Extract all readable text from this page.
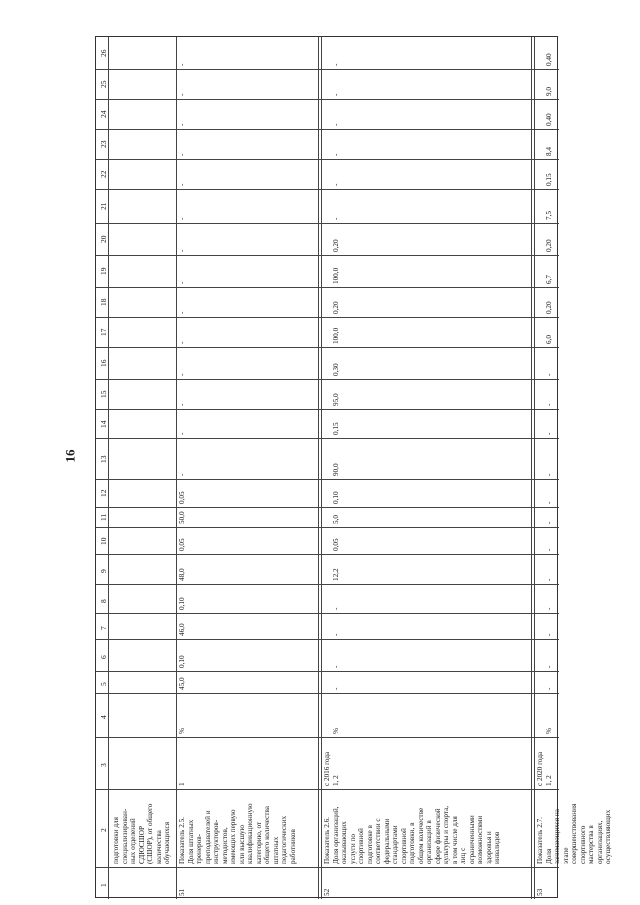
16
1
2
3
4
5
6
7
8
9
10
11
12
13
14
15
16
17
18
19
20
21
22
23
24
25
26
подготовки для
специализирован-
ных отделений
СДЮСШОР
(СШОР), от общего
количества
обучающихся
51
Показатель 2.5.
Доля штатных
тренеров-
преподавателей и
инструкторов-
методистов,
имеющих первую
или высшую
квалификационную
категорию, от
общего количества
штатных
педагогических
работников
1
%
45,0
0,10
46,0
0,10
48,0
0,05
50,0
0,05
-
-
-
-
-
-
-
-
-
-
-
-
-
-
52
Показатель 2.6.
Доля организаций,
оказывающих
услуги по
спортивной
подготовке в
соответствии с
федеральными
стандартами
спортивной
подготовки, в
общем количестве
организаций в
сфере физической
культуры и спорта,
в том числе для
лиц с
ограниченными
возможностями
здоровья и
инвалидов
с 2016 года 1, 2
%
-
-
-
-
12,2
0,05
5,0
0,10
90,0
0,15
95,0
0,30
100,0
0,20
100,0
0,20
-
-
-
-
-
-
53
Показатель 2.7.
Доля
занимающихся на
этапе
совершенствования
спортивного
мастерства в
организациях,
осуществляющих
с 2020 года 1, 2
%
-
-
-
-
-
-
-
-
-
-
-
-
6,0
0,20
6,7
0,20
7,5
0,15
8,4
0,40
9,0
0,40
